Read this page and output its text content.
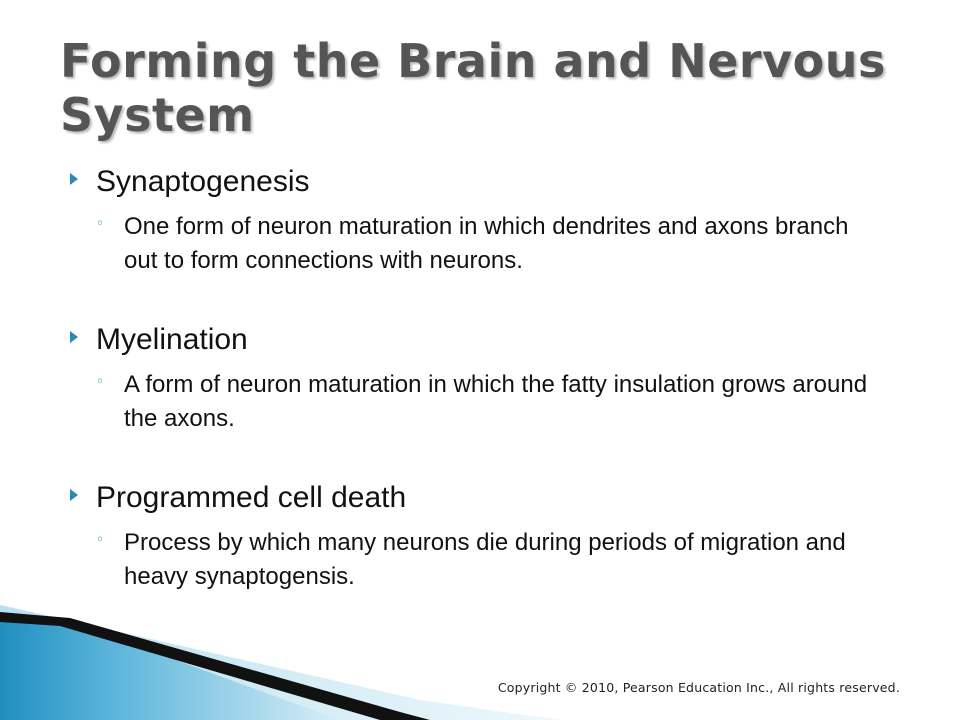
Forming the Brain and Nervous System
Synaptogenesis
◦ One form of neuron maturation in which dendrites and axons branch out to form connections with neurons.
Myelination
◦ A form of neuron maturation in which the fatty insulation grows around the axons.
Programmed cell death
◦ Process by which many neurons die during periods of migration and heavy synaptogensis.
Copyright © 2010, Pearson Education Inc., All rights reserved.
